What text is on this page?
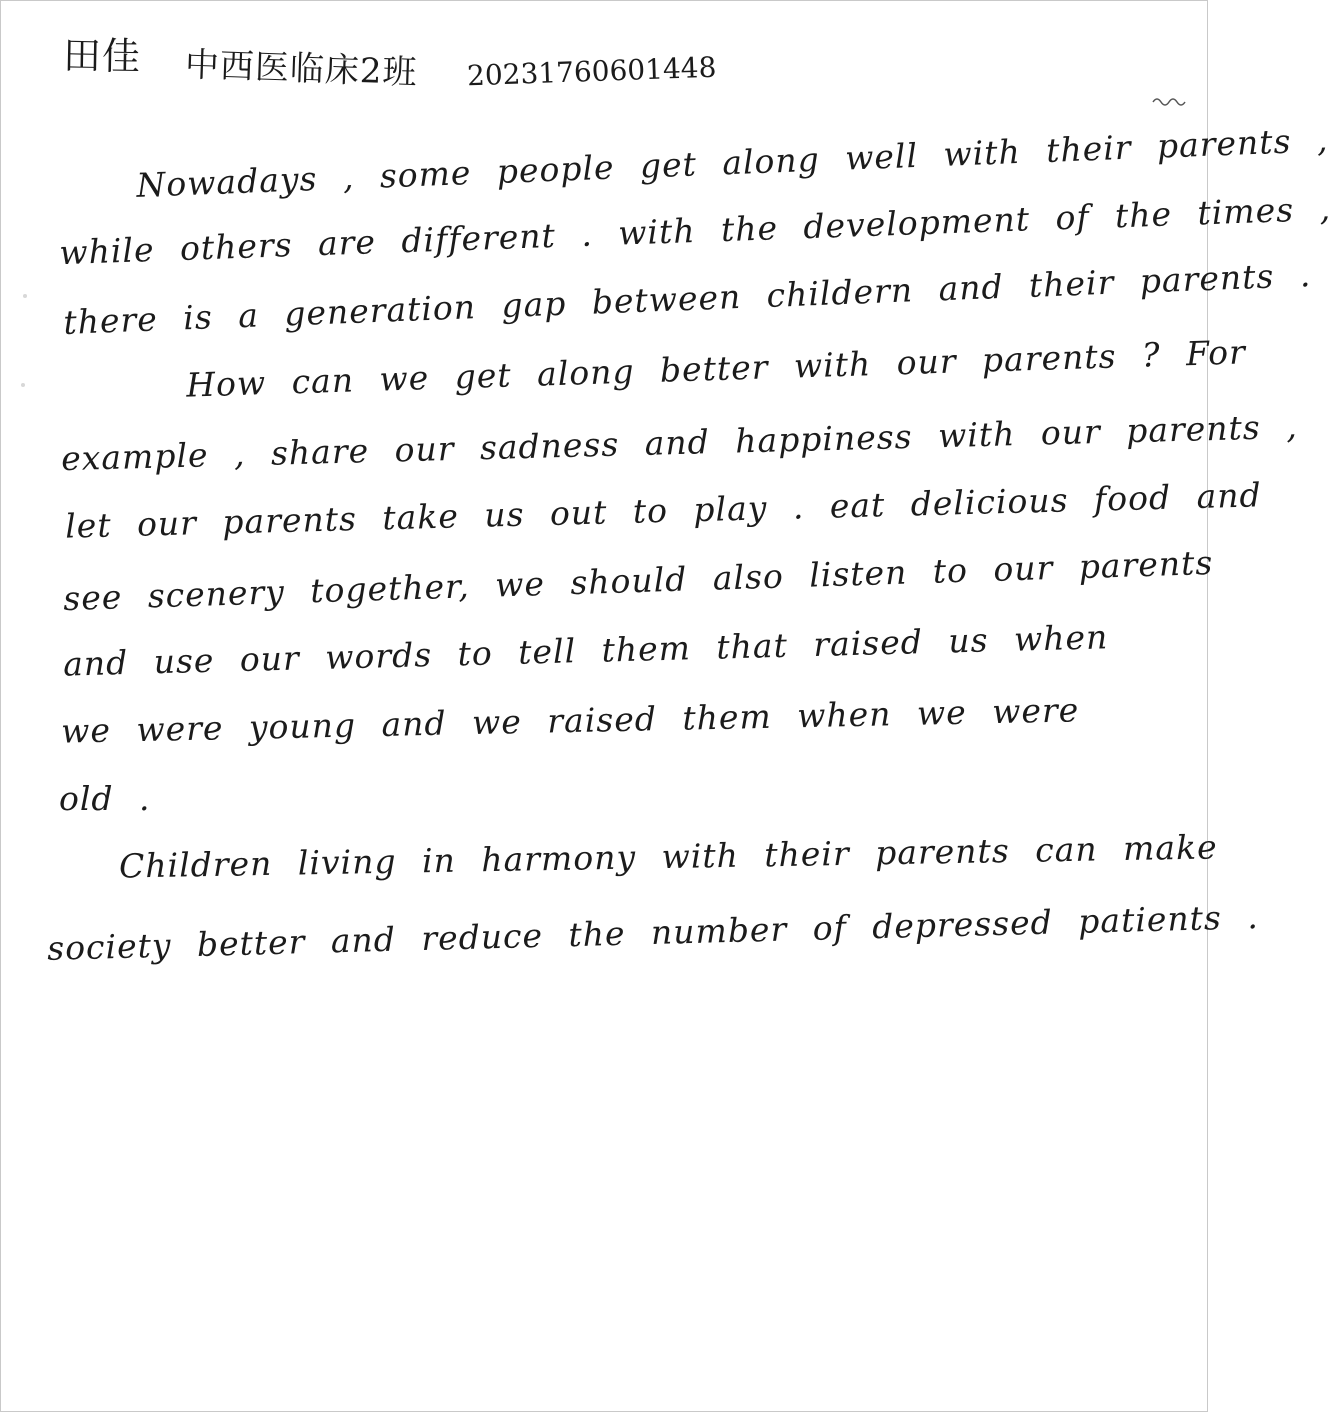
田佳 中西医临床2班 20231760601448
Nowadays , some people get along well with their parents ,
while others are different . with the development of the times ,
there is a generation gap between childern and their parents .
How can we get along better with our parents ? For
example , share our sadness and happiness with our parents ,
let our parents take us out to play . eat delicious food and
see scenery together, we should also listen to our parents
and use our words to tell them that raised us when
we were young and we raised them when we were
old .
Children living in harmony with their parents can make
society better and reduce the number of depressed patients .
